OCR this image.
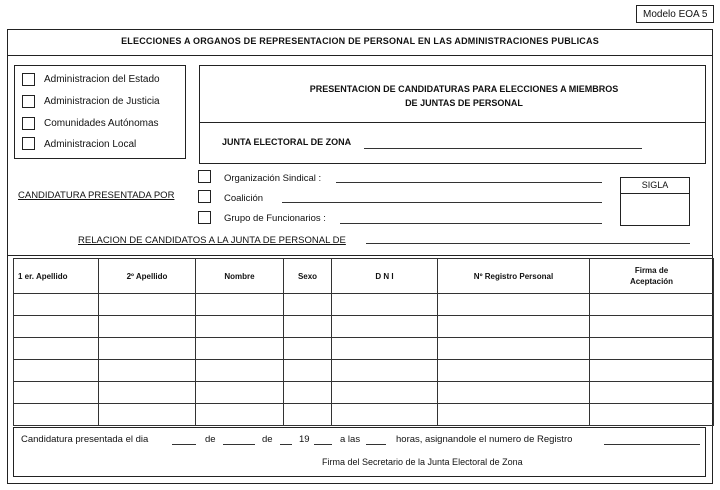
Modelo EOA 5
ELECCIONES A ORGANOS DE REPRESENTACION DE PERSONAL EN LAS ADMINISTRACIONES PUBLICAS
Administracion del Estado
Administracion de Justicia
Comunidades Autónomas
Administracion Local
PRESENTACION DE CANDIDATURAS PARA ELECCIONES A MIEMBROS
DE JUNTAS DE PERSONAL
JUNTA ELECTORAL DE ZONA
CANDIDATURA PRESENTADA POR
Organización Sindical :
Coalición
Grupo de Funcionarios :
SIGLA
RELACION DE CANDIDATOS A LA JUNTA DE PERSONAL DE
1 er. Apellido	2º Apellido	Nombre	Sexo	D N I	Nº Registro Personal	Firma de Aceptación

Candidatura presentada el dia	de	de	19	a las	horas, asignandole el numero de Registro
Firma del Secretario de la Junta Electoral de Zona
